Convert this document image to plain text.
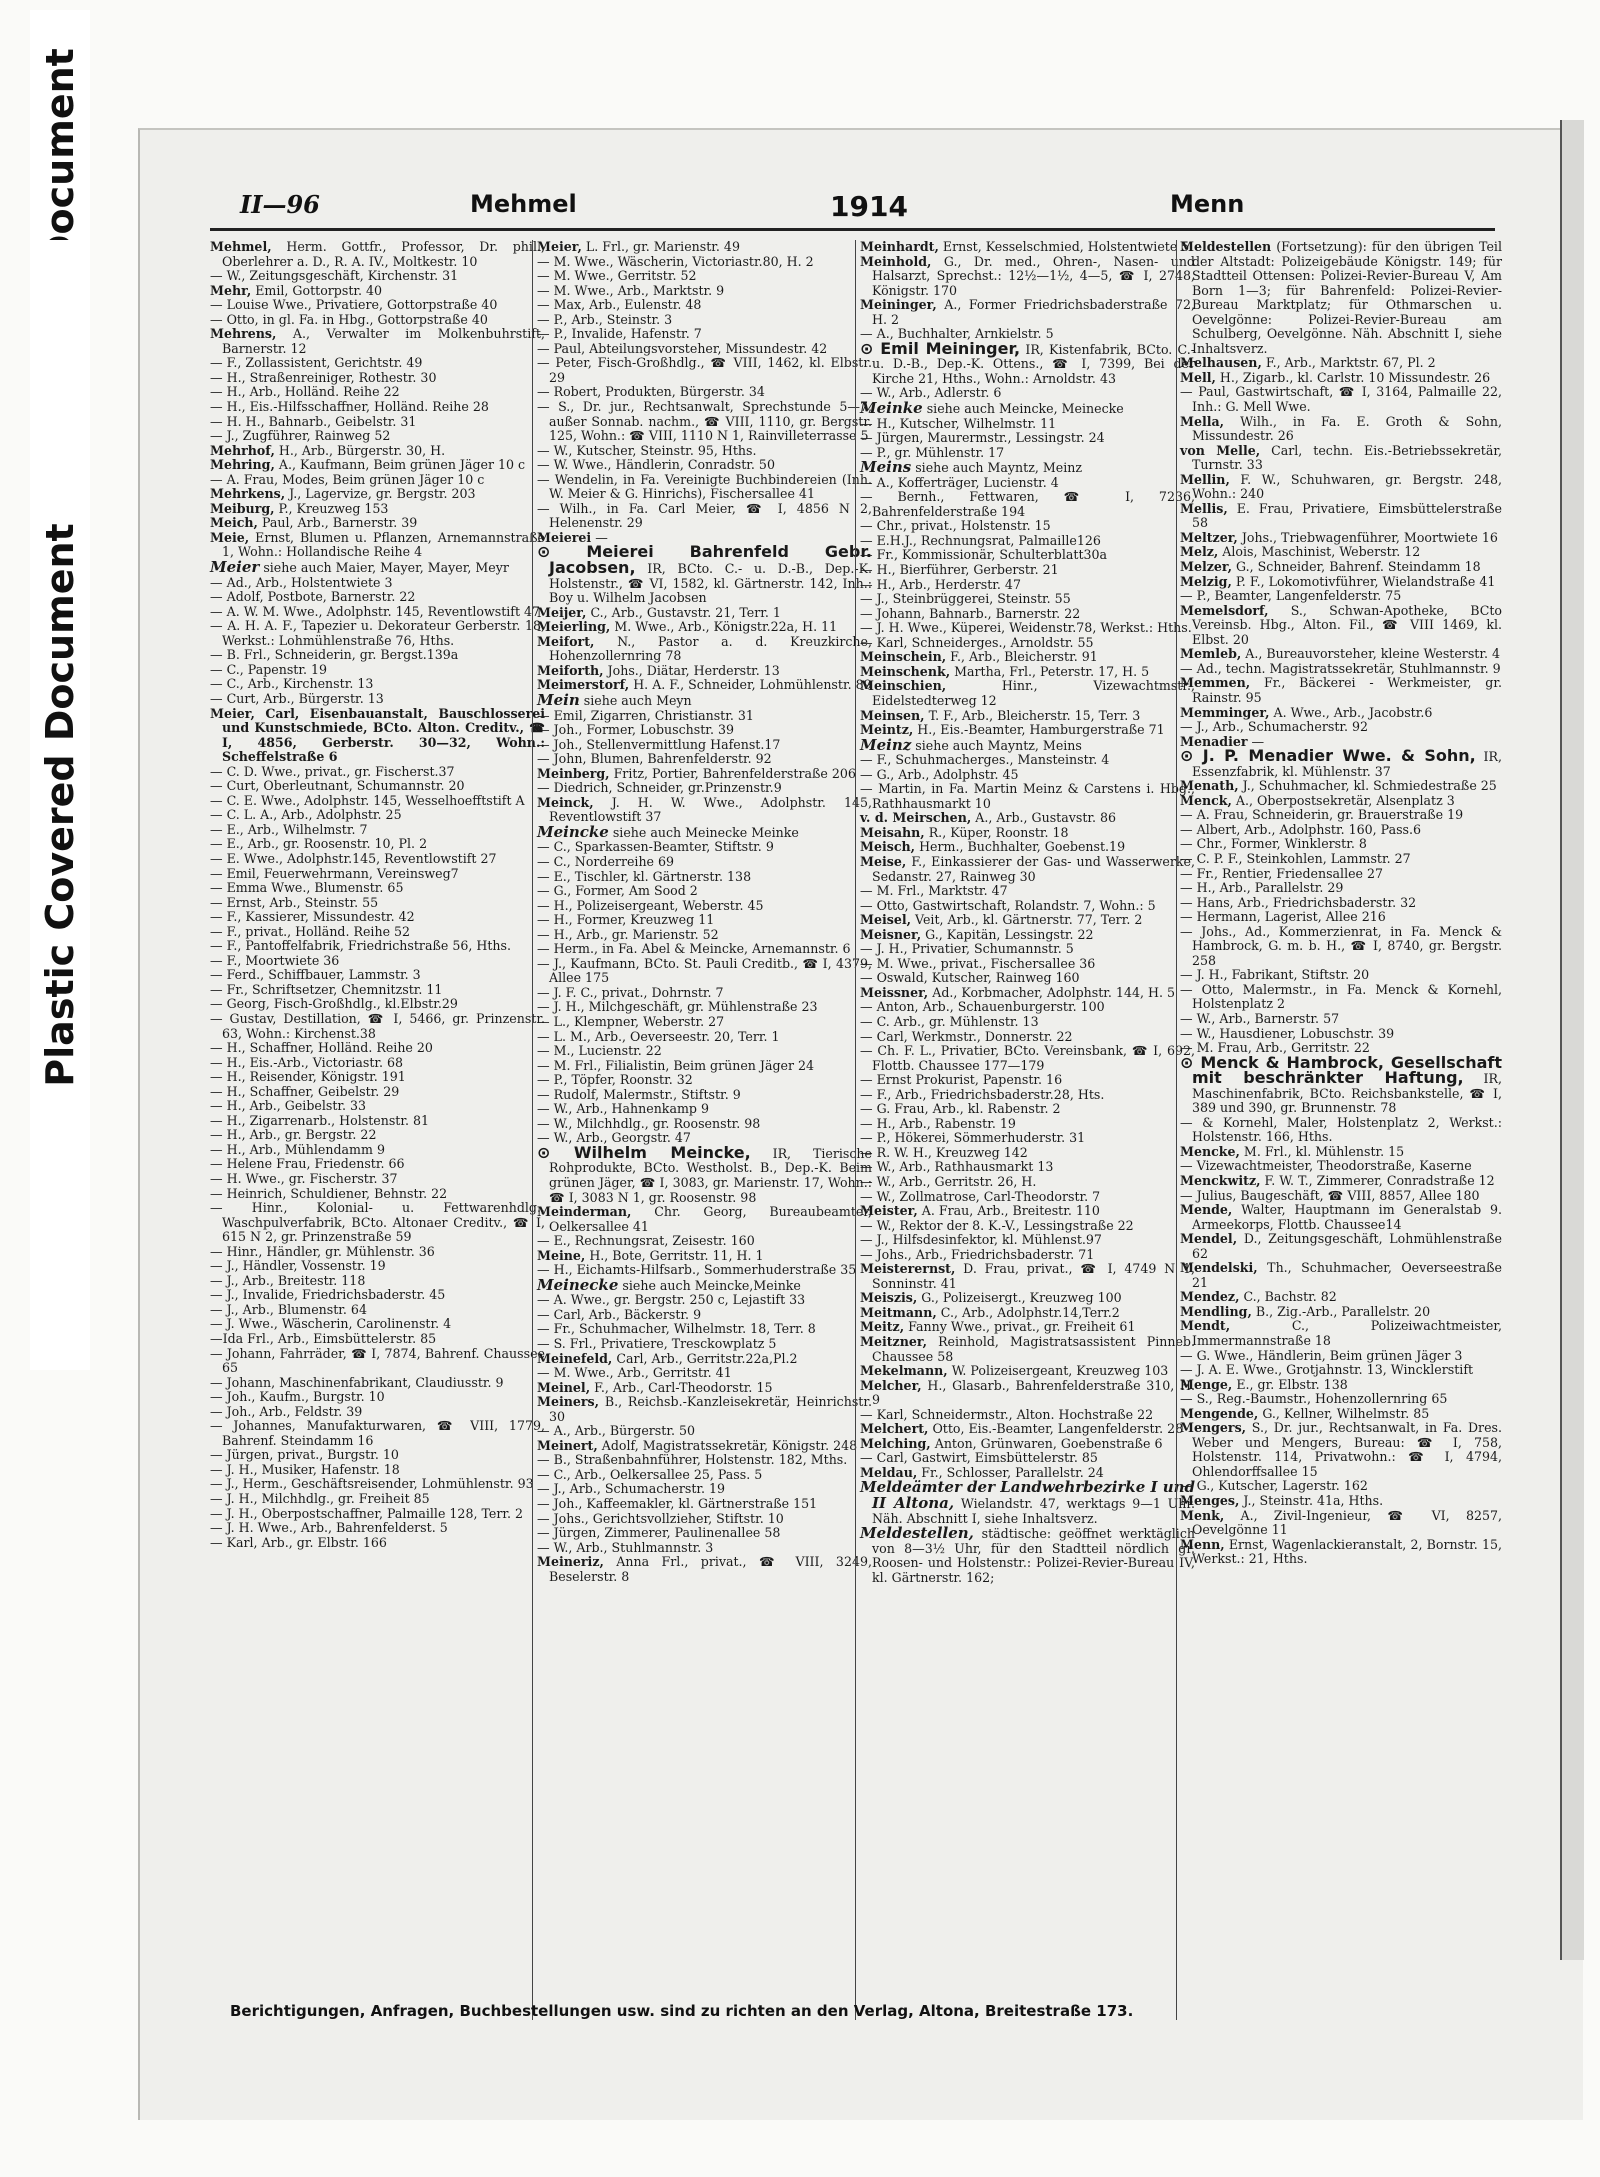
Plastic Covered Document
II—96	Mehmel	1914	Menn

Mehmel, Herm. Gottfr., Professor, Dr. phil., Oberlehrer a. D., R. A. IV., Moltkestr. 10

— W., Zeitungsgeschäft, Kirchenstr. 31

Mehr, Emil, Gottorpstr. 40

— Louise Wwe., Privatiere, Gottorpstraße 40

— Otto, in gl. Fa. in Hbg., Gottorpstraße 40

Mehrens, A., Verwalter im Molkenbuhrstift, Barnerstr. 12

— F., Zollassistent, Gerichtstr. 49

— H., Straßenreiniger, Rothestr. 30

— H., Arb., Holländ. Reihe 22

— H., Eis.-Hilfsschaffner, Holländ. Reihe 28

— H. H., Bahnarb., Geibelstr. 31

— J., Zugführer, Rainweg 52

Mehrhof, H., Arb., Bürgerstr. 30, H.

Mehring, A., Kaufmann, Beim grünen Jäger 10 c

— A. Frau, Modes, Beim grünen Jäger 10 c

Mehrkens, J., Lagervize, gr. Bergstr. 203

Meiburg, P., Kreuzweg 153

Meich, Paul, Arb., Barnerstr. 39

Meie, Ernst, Blumen u. Pflanzen, Arnemannstraße 1, Wohn.: Hollandische Reihe 4

Meier siehe auch Maier, Mayer, Mayer, Meyr

— Ad., Arb., Holstentwiete 3

— Adolf, Postbote, Barnerstr. 22

— A. W. M. Wwe., Adolphstr. 145, Reventlowstift 47

— A. H. A. F., Tapezier u. Dekorateur Gerberstr. 18, Werkst.: Lohmühlenstraße 76, Hths.

— B. Frl., Schneiderin, gr. Bergst.139a

— C., Papenstr. 19

— C., Arb., Kirchenstr. 13

— Curt, Arb., Bürgerstr. 13

Meier, Carl, Eisenbauanstalt, Bauschlosserei und Kunstschmiede, BCto. Alton. Creditv., ☎ I, 4856, Gerberstr. 30—32, Wohn.: Scheffelstraße 6

— C. D. Wwe., privat., gr. Fischerst.37

— Curt, Oberleutnant, Schumannstr. 20

— C. E. Wwe., Adolphstr. 145, Wesselhoefftstift A

— C. L. A., Arb., Adolphstr. 25

— E., Arb., Wilhelmstr. 7

— E., Arb., gr. Roosenstr. 10, Pl. 2

— E. Wwe., Adolphstr.145, Reventlowstift 27

— Emil, Feuerwehrmann, Vereinsweg7

— Emma Wwe., Blumenstr. 65

— Ernst, Arb., Steinstr. 55

— F., Kassierer, Missundestr. 42

— F., privat., Holländ. Reihe 52

— F., Pantoffelfabrik, Friedrichstraße 56, Hths.

— F., Moortwiete 36

— Ferd., Schiffbauer, Lammstr. 3

— Fr., Schriftsetzer, Chemnitzstr. 11

— Georg, Fisch-Großhdlg., kl.Elbstr.29

— Gustav, Destillation, ☎ I, 5466, gr. Prinzenstr. 63, Wohn.: Kirchenst.38

— H., Schaffner, Holländ. Reihe 20

— H., Eis.-Arb., Victoriastr. 68

— H., Reisender, Königstr. 191

— H., Schaffner, Geibelstr. 29

— H., Arb., Geibelstr. 33

— H., Zigarrenarb., Holstenstr. 81

— H., Arb., gr. Bergstr. 22

— H., Arb., Mühlendamm 9

— Helene Frau, Friedenstr. 66

— H. Wwe., gr. Fischerstr. 37

— Heinrich, Schuldiener, Behnstr. 22

— Hinr., Kolonial- u. Fettwarenhdlg., Waschpulverfabrik, BCto. Altonaer Creditv., ☎ I, 615 N 2, gr. Prinzenstraße 59

— Hinr., Händler, gr. Mühlenstr. 36

— J., Händler, Vossenstr. 19

— J., Arb., Breitestr. 118

— J., Invalide, Friedrichsbaderstr. 45

— J., Arb., Blumenstr. 64

— J. Wwe., Wäscherin, Carolinenstr. 4

—Ida Frl., Arb., Eimsbüttelerstr. 85

— Johann, Fahrräder, ☎ I, 7874, Bahrenf. Chaussee 65

— Johann, Maschinenfabrikant, Claudiusstr. 9

— Joh., Kaufm., Burgstr. 10

— Joh., Arb., Feldstr. 39

— Johannes, Manufakturwaren, ☎ VIII, 1779, Bahrenf. Steindamm 16

— Jürgen, privat., Burgstr. 10

— J. H., Musiker, Hafenstr. 18

— J., Herm., Geschäftsreisender, Lohmühlenstr. 93

— J. H., Milchhdlg., gr. Freiheit 85

— J. H., Oberpostschaffner, Palmaille 128, Terr. 2

— J. H. Wwe., Arb., Bahrenfelderst. 5

— Karl, Arb., gr. Elbstr. 166

Meier, L. Frl., gr. Marienstr. 49

— M. Wwe., Wäscherin, Victoriastr.80, H. 2

— M. Wwe., Gerritstr. 52

— M. Wwe., Arb., Marktstr. 9

— Max, Arb., Eulenstr. 48

— P., Arb., Steinstr. 3

— P., Invalide, Hafenstr. 7

— Paul, Abteilungsvorsteher, Missundestr. 42

— Peter, Fisch-Großhdlg., ☎ VIII, 1462, kl. Elbstr. 29

— Robert, Produkten, Bürgerstr. 34

— S., Dr. jur., Rechtsanwalt, Sprechstunde 5—7, außer Sonnab. nachm., ☎ VIII, 1110, gr. Bergstr. 125, Wohn.: ☎ VIII, 1110 N 1, Rainvilleterrasse 5

— W., Kutscher, Steinstr. 95, Hths.

— W. Wwe., Händlerin, Conradstr. 50

— Wendelin, in Fa. Vereinigte Buchbindereien (Inh. W. Meier & G. Hinrichs), Fischersallee 41

— Wilh., in Fa. Carl Meier, ☎ I, 4856 N 2, Helenenstr. 29

Meierei —

⊙ Meierei Bahrenfeld Gebr. Jacobsen, IR, BCto. C.- u. D.-B., Dep.-K. Holstenstr., ☎ VI, 1582, kl. Gärtnerstr. 142, Inh.: Boy u. Wilhelm Jacobsen

Meijer, C., Arb., Gustavstr. 21, Terr. 1

Meierling, M. Wwe., Arb., Königstr.22a, H. 11

Meifort, N., Pastor a. d. Kreuzkirche, Hohenzollernring 78

Meiforth, Johs., Diätar, Herderstr. 13

Meimerstorf, H. A. F., Schneider, Lohmühlenstr. 89

Mein siehe auch Meyn

— Emil, Zigarren, Christianstr. 31

— Joh., Former, Lobuschstr. 39

— Joh., Stellenvermittlung Hafenst.17

— John, Blumen, Bahrenfelderstr. 92

Meinberg, Fritz, Portier, Bahrenfelderstraße 206

— Diedrich, Schneider, gr.Prinzenstr.9

Meinck, J. H. W. Wwe., Adolphstr. 145, Reventlowstift 37

Meincke siehe auch Meinecke Meinke

— C., Sparkassen-Beamter, Stiftstr. 9

— C., Norderreihe 69

— E., Tischler, kl. Gärtnerstr. 138

— G., Former, Am Sood 2

— H., Polizeisergeant, Weberstr. 45

— H., Former, Kreuzweg 11

— H., Arb., gr. Marienstr. 52

— Herm., in Fa. Abel & Meincke, Arnemannstr. 6

— J., Kaufmann, BCto. St. Pauli Creditb., ☎ I, 4379, Allee 175

— J. F. C., privat., Dohrnstr. 7

— J. H., Milchgeschäft, gr. Mühlenstraße 23

— L., Klempner, Weberstr. 27

— L. M., Arb., Oeverseestr. 20, Terr. 1

— M., Lucienstr. 22

— M. Frl., Filialistin, Beim grünen Jäger 24

— P., Töpfer, Roonstr. 32

— Rudolf, Malermstr., Stiftstr. 9

— W., Arb., Hahnenkamp 9

— W., Milchhdlg., gr. Roosenstr. 98

— W., Arb., Georgstr. 47

⊙ Wilhelm Meincke, IR, Tierische Rohprodukte, BCto. Westholst. B., Dep.-K. Beim grünen Jäger, ☎ I, 3083, gr. Marienstr. 17, Wohn.: ☎ I, 3083 N 1, gr. Roosenstr. 98

Meinderman, Chr. Georg, Bureaubeamter, Oelkersallee 41

— E., Rechnungsrat, Zeisestr. 160

Meine, H., Bote, Gerritstr. 11, H. 1

— H., Eichamts-Hilfsarb., Sommerhuderstraße 35

Meinecke siehe auch Meincke,Meinke

— A. Wwe., gr. Bergstr. 250 c, Lejastift 33

— Carl, Arb., Bäckerstr. 9

— Fr., Schuhmacher, Wilhelmstr. 18, Terr. 8

— S. Frl., Privatiere, Tresckowplatz 5

Meinefeld, Carl, Arb., Gerritstr.22a,Pl.2

— M. Wwe., Arb., Gerritstr. 41

Meinel, F., Arb., Carl-Theodorstr. 15

Meiners, B., Reichsb.-Kanzleisekretär, Heinrichstr. 30

— A., Arb., Bürgerstr. 50

Meinert, Adolf, Magistratssekretär, Königstr. 248

— B., Straßenbahnführer, Holstenstr. 182, Mths.

— C., Arb., Oelkersallee 25, Pass. 5

— J., Arb., Schumacherstr. 19

— Joh., Kaffeemakler, kl. Gärtnerstraße 151

— Johs., Gerichtsvollzieher, Stiftstr. 10

— Jürgen, Zimmerer, Paulinenallee 58

— W., Arb., Stuhlmannstr. 3

Meineriz, Anna Frl., privat., ☎ VIII, 3249, Beselerstr. 8

Meinhardt, Ernst, Kesselschmied, Holstentwiete 5

Meinhold, G., Dr. med., Ohren-, Nasen- und Halsarzt, Sprechst.: 12½—1½, 4—5, ☎ I, 2748, Königstr. 170

Meininger, A., Former Friedrichsbaderstraße 72, H. 2

— A., Buchhalter, Arnkielstr. 5

⊙ Emil Meininger, IR, Kistenfabrik, BCto. C.- u. D.-B., Dep.-K. Ottens., ☎ I, 7399, Bei der Kirche 21, Hths., Wohn.: Arnoldstr. 43

— W., Arb., Adlerstr. 6

Meinke siehe auch Meincke, Meinecke

— H., Kutscher, Wilhelmstr. 11

— Jürgen, Maurermstr., Lessingstr. 24

— P., gr. Mühlenstr. 17

Meins siehe auch Mayntz, Meinz

— A., Kofferträger, Lucienstr. 4

— Bernh., Fettwaren, ☎ I, 7236, Bahrenfelderstraße 194

— Chr., privat., Holstenstr. 15

— E.H.J., Rechnungsrat, Palmaille126

— Fr., Kommissionär, Schulterblatt30a

— H., Bierführer, Gerberstr. 21

— H., Arb., Herderstr. 47

— J., Steinbrüggerei, Steinstr. 55

— Johann, Bahnarb., Barnerstr. 22

— J. H. Wwe., Küperei, Weidenstr.78, Werkst.: Hths.

— Karl, Schneiderges., Arnoldstr. 55

Meinschein, F., Arb., Bleicherstr. 91

Meinschenk, Martha, Frl., Peterstr. 17, H. 5

Meinschien,	Hinr., Vizewachtmstr., Eidelstedterweg 12

Meinsen, T. F., Arb., Bleicherstr. 15, Terr. 3

Meintz, H., Eis.-Beamter, Hamburgerstraße 71

Meinz siehe auch Mayntz, Meins

— F., Schuhmacherges., Mansteinstr. 4

— G., Arb., Adolphstr. 45

— Martin, in Fa. Martin Meinz & Carstens i. Hbg., Rathhausmarkt 10

v. d. Meirschen, A., Arb., Gustavstr. 86

Meisahn, R., Küper, Roonstr. 18

Meisch, Herm., Buchhalter, Goebenst.19

Meise, F., Einkassierer der Gas- und Wasserwerke, Sedanstr. 27, Rainweg 30

— M. Frl., Marktstr. 47

— Otto, Gastwirtschaft, Rolandstr. 7, Wohn.: 5

Meisel, Veit, Arb., kl. Gärtnerstr. 77, Terr. 2

Meisner, G., Kapitän, Lessingstr. 22

— J. H., Privatier, Schumannstr. 5

— M. Wwe., privat., Fischersallee 36

— Oswald, Kutscher, Rainweg 160

Meissner, Ad., Korbmacher, Adolphstr. 144, H. 5

— Anton, Arb., Schauenburgerstr. 100

— C. Arb., gr. Mühlenstr. 13

— Carl, Werkmstr., Donnerstr. 22

— Ch. F. L., Privatier, BCto. Vereinsbank, ☎ I, 692, Flottb. Chaussee 177—179

— Ernst Prokurist, Papenstr. 16

— F., Arb., Friedrichsbaderstr.28, Hts.

— G. Frau, Arb., kl. Rabenstr. 2

— H., Arb., Rabenstr. 19

— P., Hökerei, Sömmerhuderstr. 31

— R. W. H., Kreuzweg 142

— W., Arb., Rathhausmarkt 13

— W., Arb., Gerritstr. 26, H.

— W., Zollmatrose, Carl-Theodorstr. 7

Meister, A. Frau, Arb., Breitestr. 110

— W., Rektor der 8. K.-V., Lessingstraße 22

— J., Hilfsdesinfektor, kl. Mühlenst.97

— Johs., Arb., Friedrichsbaderstr. 71

Meisterernst, D. Frau, privat., ☎ I, 4749 N 1, Sonninstr. 41

Meiszis, G., Polizeisergt., Kreuzweg 100

Meitmann, C., Arb., Adolphstr.14,Terr.2

Meitz, Fanny Wwe., privat., gr. Freiheit 61

Meitzner, Reinhold, Magistratsassistent Pinneb. Chaussee 58

Mekelmann, W. Polizeisergeant, Kreuzweg 103

Melcher, H., Glasarb., Bahrenfelderstraße 310, H. 9

— Karl, Schneidermstr., Alton. Hochstraße 22

Melchert, Otto, Eis.-Beamter, Langenfelderstr. 28

Melching, Anton, Grünwaren, Goebenstraße 6

— Carl, Gastwirt, Eimsbüttelerstr. 85

Meldau, Fr., Schlosser, Parallelstr. 24

Meldeämter der Landwehrbezirke I und II Altona, Wielandstr. 47, werktags 9—1 Uhr. Näh. Abschnitt I, siehe Inhaltsverz.

Meldestellen, städtische: geöffnet werktäglich von 8—3½ Uhr, für den Stadtteil nördlich gr. Roosen- und Holstenstr.: Polizei-Revier-Bureau IV, kl. Gärtnerstr. 162;

Meldestellen (Fortsetzung): für den übrigen Teil der Altstadt: Polizeigebäude Königstr. 149; für Stadtteil Ottensen: Polizei-Revier-Bureau V, Am Born 1—3; für Bahrenfeld: Polizei-Revier-Bureau Marktplatz; für Othmarschen u. Oevelgönne: Polizei-Revier-Bureau am Schulberg, Oevelgönne. Näh. Abschnitt I, siehe Inhaltsverz.

Melhausen, F., Arb., Marktstr. 67, Pl. 2

Mell, H., Zigarb., kl. Carlstr. 10 Missundestr. 26

— Paul, Gastwirtschaft, ☎ I, 3164, Palmaille 22, Inh.: G. Mell Wwe.

Mella, Wilh., in Fa. E. Groth & Sohn, Missundestr. 26

von Melle, Carl, techn. Eis.-Betriebssekretär, Turnstr. 33

Mellin, F. W., Schuhwaren, gr. Bergstr. 248, Wohn.: 240

Mellis, E. Frau, Privatiere, Eimsbüttelerstraße 58

Meltzer, Johs., Triebwagenführer, Moortwiete 16

Melz, Alois, Maschinist, Weberstr. 12

Melzer, G., Schneider, Bahrenf. Steindamm 18

Melzig, P. F., Lokomotivführer, Wielandstraße 41

— P., Beamter, Langenfelderstr. 75

Memelsdorf, S., Schwan-Apotheke, BCto Vereinsb. Hbg., Alton. Fil., ☎ VIII 1469, kl. Elbst. 20

Memleb, A., Bureauvorsteher, kleine Westerstr. 4

— Ad., techn. Magistratssekretär, Stuhlmannstr. 9

Memmen, Fr., Bäckerei - Werkmeister, gr. Rainstr. 95

Memminger, A. Wwe., Arb., Jacobstr.6

— J., Arb., Schumacherstr. 92

Menadier —

⊙ J. P. Menadier Wwe. & Sohn, IR, Essenzfabrik, kl. Mühlenstr. 37

Menath, J., Schuhmacher, kl. Schmiedestraße 25

Menck, A., Oberpostsekretär, Alsenplatz 3

— A. Frau, Schneiderin, gr. Brauerstraße 19

— Albert, Arb., Adolphstr. 160, Pass.6

— Chr., Former, Winklerstr. 8

— C. P. F., Steinkohlen, Lammstr. 27

— Fr., Rentier, Friedensallee 27

— H., Arb., Parallelstr. 29

— Hans, Arb., Friedrichsbaderstr. 32

— Hermann, Lagerist, Allee 216

— Johs., Ad., Kommerzienrat, in Fa. Menck & Hambrock, G. m. b. H., ☎ I, 8740, gr. Bergstr. 258

— J. H., Fabrikant, Stiftstr. 20

— Otto, Malermstr., in Fa. Menck & Kornehl, Holstenplatz 2

— W., Arb., Barnerstr. 57

— W., Hausdiener, Lobuschstr. 39

— M. Frau, Arb., Gerritstr. 22

⊙ Menck & Hambrock, Gesellschaft mit beschränkter Haftung, IR, Maschinenfabrik, BCto. Reichsbankstelle, ☎ I, 389 und 390, gr. Brunnenstr. 78

— & Kornehl, Maler, Holstenplatz 2, Werkst.: Holstenstr. 166, Hths.

Mencke, M. Frl., kl. Mühlenstr. 15

— Vizewachtmeister, Theodorstraße, Kaserne

Menckwitz, F. W. T., Zimmerer, Conradstraße 12

— Julius, Baugeschäft, ☎ VIII, 8857, Allee 180

Mende, Walter, Hauptmann im Generalstab 9. Armeekorps, Flottb. Chaussee14

Mendel, D., Zeitungsgeschäft, Lohmühlenstraße 62

Mendelski, Th., Schuhmacher, Oeverseestraße 21

Mendez, C., Bachstr. 82

Mendling, B., Zig.-Arb., Parallelstr. 20

Mendt,	C., Polizeiwachtmeister, Immermannstraße 18

— G. Wwe., Händlerin, Beim grünen Jäger 3

— J. A. E. Wwe., Grotjahnstr. 13, Wincklerstift

Menge, E., gr. Elbstr. 138

— S., Reg.-Baumstr., Hohenzollernring 65

Mengende, G., Kellner, Wilhelmstr. 85

Mengers, S., Dr. jur., Rechtsanwalt, in Fa. Dres. Weber und Mengers, Bureau: ☎ I, 758, Holstenstr. 114, Privatwohn.: ☎ I, 4794, Ohlendorffsallee 15

— G., Kutscher, Lagerstr. 162

Menges, J., Steinstr. 41a, Hths.

Menk, A., Zivil-Ingenieur, ☎ VI, 8257, Oevelgönne 11

Menn, Ernst, Wagenlackieranstalt, 2, Bornstr. 15, Werkst.: 21, Hths.

Berichtigungen, Anfragen, Buchbestellungen usw. sind zu richten an den Verlag, Altona, Breitestraße 173.
